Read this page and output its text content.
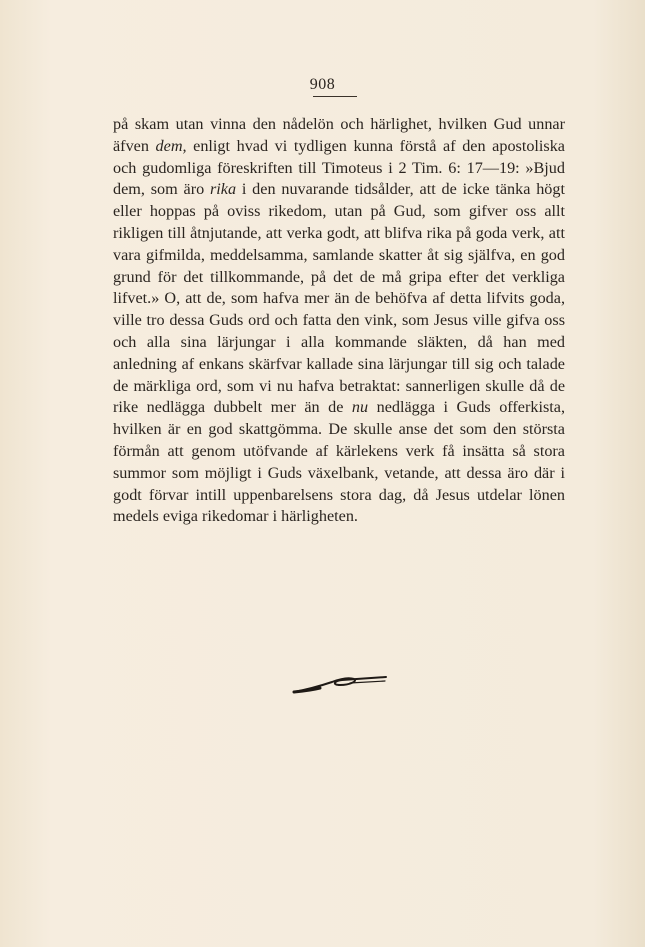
908

på skam utan vinna den nådelön och härlighet, hvilken Gud unnar äfven dem, enligt hvad vi tydligen kunna förstå af den apostoliska och gudomliga föreskriften till Timoteus i 2 Tim. 6: 17—19: »Bjud dem, som äro rika i den nuvarande tidsålder, att de icke tänka högt eller hoppas på oviss rikedom, utan på Gud, som gifver oss allt rikligen till åtnjutande, att verka godt, att blifva rika på goda verk, att vara gifmilda, meddelsamma, samlande skatter åt sig själfva, en god grund för det tillkommande, på det de må gripa efter det verkliga lifvet.» O, att de, som hafva mer än de behöfva af detta lifvits goda, ville tro dessa Guds ord och fatta den vink, som Jesus ville gifva oss och alla sina lärjungar i alla kommande släkten, då han med anledning af enkans skärfvar kallade sina lärjungar till sig och talade de märkliga ord, som vi nu hafva betraktat: sannerligen skulle då de rike nedlägga dubbelt mer än de nu nedlägga i Guds offerkista, hvilken är en god skattgömma. De skulle anse det som den största förmån att genom utöfvande af kärlekens verk få insätta så stora summor som möjligt i Guds växelbank, vetande, att dessa äro där i godt förvar intill uppenbarelsens stora dag, då Jesus utdelar lönen medels eviga rikedomar i härligheten.
